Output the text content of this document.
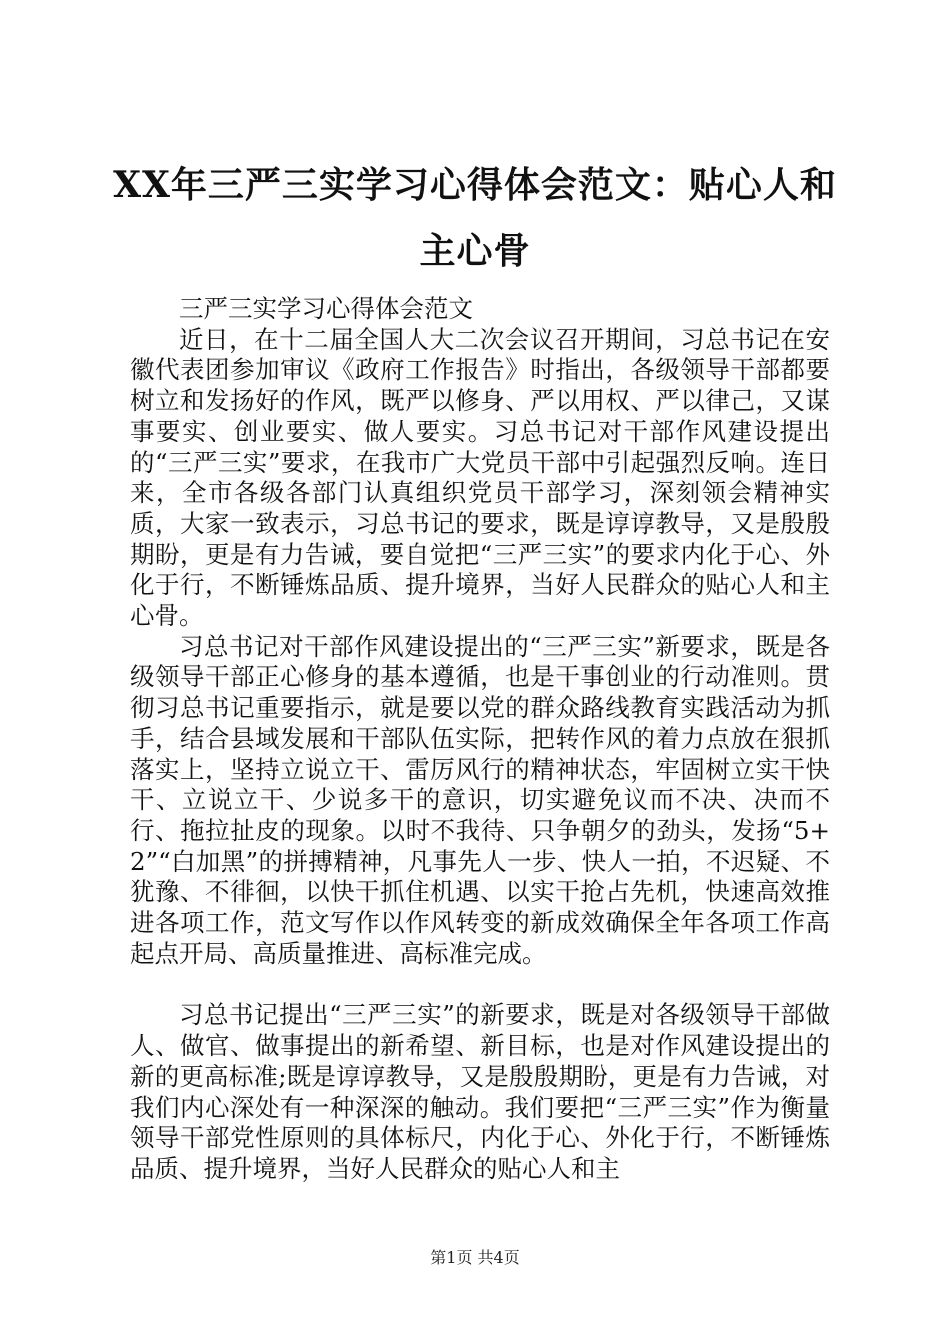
XX年三严三实学习心得体会范文：贴心人和主心骨

三严三实学习心得体会范文

近日，在十二届全国人大二次会议召开期间，习总书记在安徽代表团参加审议《政府工作报告》时指出，各级领导干部都要树立和发扬好的作风，既严以修身、严以用权、严以律己，又谋事要实、创业要实、做人要实。习总书记对干部作风建设提出的“三严三实”要求，在我市广大党员干部中引起强烈反响。连日来，全市各级各部门认真组织党员干部学习，深刻领会精神实质，大家一致表示，习总书记的要求，既是谆谆教导，又是殷殷期盼，更是有力告诫，要自觉把“三严三实”的要求内化于心、外化于行，不断锤炼品质、提升境界，当好人民群众的贴心人和主心骨。

习总书记对干部作风建设提出的“三严三实”新要求，既是各级领导干部正心修身的基本遵循，也是干事创业的行动准则。贯彻习总书记重要指示，就是要以党的群众路线教育实践活动为抓手，结合县域发展和干部队伍实际，把转作风的着力点放在狠抓落实上，坚持立说立干、雷厉风行的精神状态，牢固树立实干快干、立说立干、少说多干的意识，切实避免议而不决、决而不行、拖拉扯皮的现象。以时不我待、只争朝夕的劲头，发扬“5+2”“白加黑”的拼搏精神，凡事先人一步、快人一拍，不迟疑、不犹豫、不徘徊，以快干抓住机遇、以实干抢占先机，快速高效推进各项工作，范文写作以作风转变的新成效确保全年各项工作高起点开局、高质量推进、高标准完成。

习总书记提出“三严三实”的新要求，既是对各级领导干部做人、做官、做事提出的新希望、新目标，也是对作风建设提出的新的更高标准;既是谆谆教导，又是殷殷期盼，更是有力告诫，对我们内心深处有一种深深的触动。我们要把“三严三实”作为衡量领导干部党性原则的具体标尺，内化于心、外化于行，不断锤炼品质、提升境界，当好人民群众的贴心人和主

第1页 共4页
